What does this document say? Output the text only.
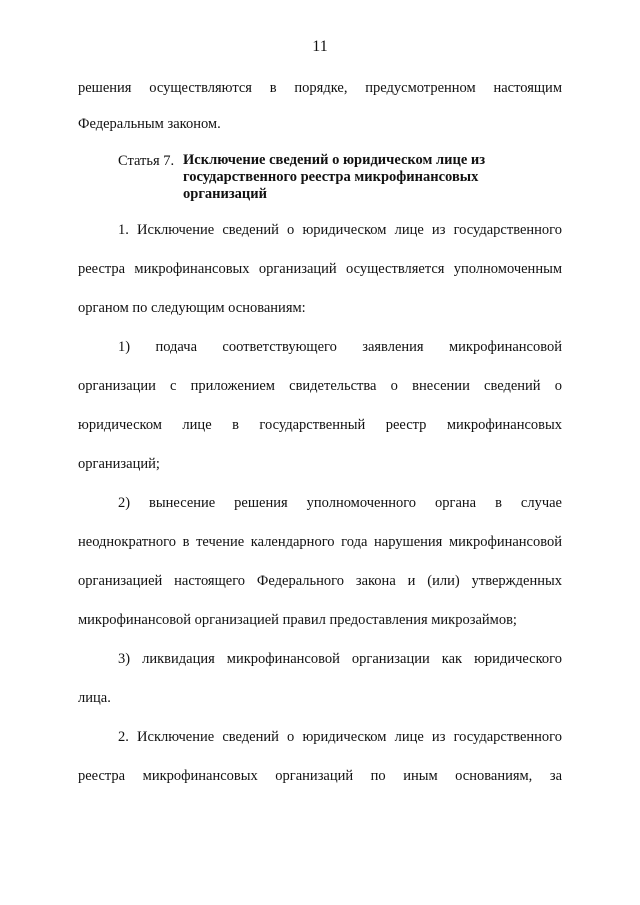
11
решения осуществляются в порядке, предусмотренном настоящим
Федеральным законом.
Статья 7. Исключение сведений о юридическом лице из
государственного реестра микрофинансовых
организаций
1. Исключение сведений о юридическом лице из государственного
реестра микрофинансовых организаций осуществляется уполномоченным
органом по следующим основаниям:
1) подача соответствующего заявления микрофинансовой
организации с приложением свидетельства о внесении сведений о
юридическом лице в государственный реестр микрофинансовых
организаций;
2) вынесение решения уполномоченного органа в случае
неоднократного в течение календарного года нарушения микрофинансовой
организацией настоящего Федерального закона и (или) утвержденных
микрофинансовой организацией правил предоставления микрозаймов;
3) ликвидация микрофинансовой организации как юридического
лица.
2. Исключение сведений о юридическом лице из государственного
реестра микрофинансовых организаций по иным основаниям, за
